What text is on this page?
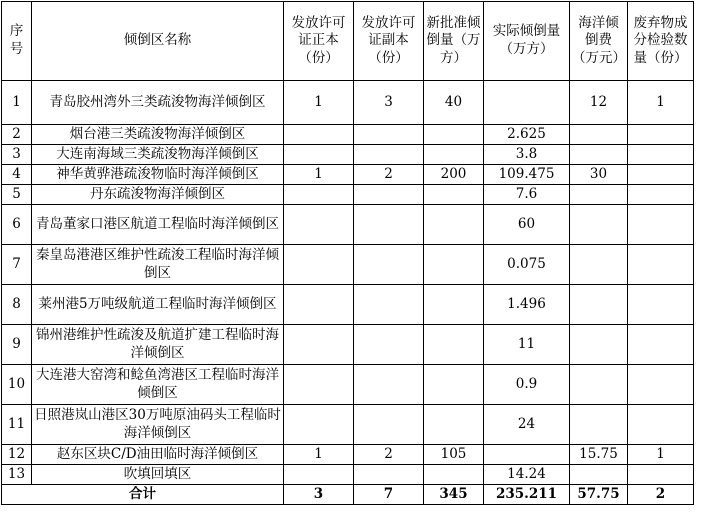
序号	倾倒区名称	发放许可证正本（份）	发放许可证副本（份）	新批准倾倒量（万方）	实际倾倒量（万方）	海洋倾倒费（万元）	废弃物成分检验数量（份）
1	青岛胶州湾外三类疏浚物海洋倾倒区	1	3	40		12	1
2	烟台港三类疏浚物海洋倾倒区				2.625		
3	大连南海域三类疏浚物海洋倾倒区				3.8		
4	神华黄骅港疏浚物临时海洋倾倒区	1	2	200	109.475	30	
5	丹东疏浚物海洋倾倒区				7.6		
6	青岛董家口港区航道工程临时海洋倾倒区				60		
7	秦皇岛港港区维护性疏浚工程临时海洋倾倒区				0.075		
8	莱州港5万吨级航道工程临时海洋倾倒区				1.496		
9	锦州港维护性疏浚及航道扩建工程临时海洋倾倒区				11		
10	大连港大窑湾和鲶鱼湾港区工程临时海洋倾倒区				0.9		
11	日照港岚山港区30万吨原油码头工程临时海洋倾倒区				24		
12	赵东区块C/D油田临时海洋倾倒区	1	2	105		15.75	1
13	吹填回填区				14.24		
合计		3	7	345	235.211	57.75	2
